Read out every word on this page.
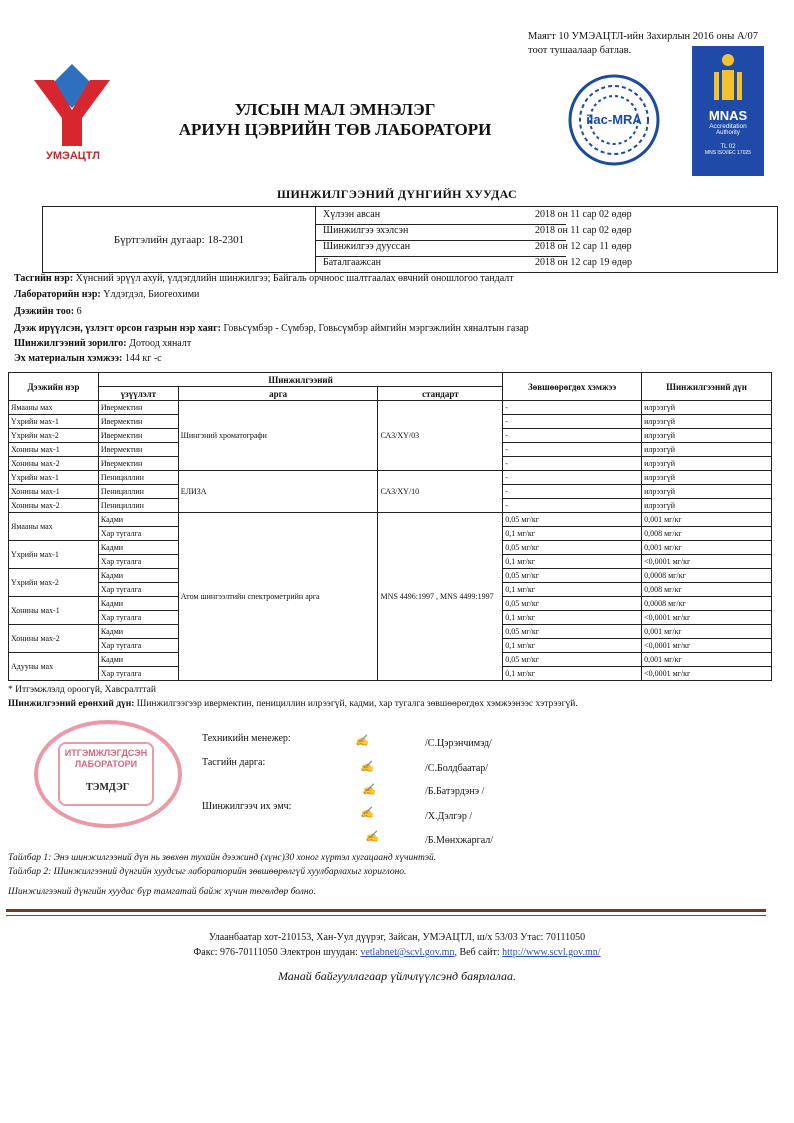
Маягт 10 УМЭАЦТЛ-ийн Захирлын 2016 оны А/07 тоот тушаалаар батлав.
УМЭАЦТЛ
УЛСЫН МАЛ ЭМНЭЛЭГ
АРИУН ЦЭВРИЙН ТӨВ ЛАБОРАТОРИ
ilac-MRA	MNAS
Accreditation
Authority
TL 02
MNS ISO/IEC 17025
ШИНЖИЛГЭЭНИЙ ДҮНГИЙН ХУУДАС
Бүртгэлийн дугаар: 18-2301
Хүлээн авсан	2018 он 11 сар 02 өдөр
Шинжилгээ эхэлсэн	2018 он 11 сар 02 өдөр
Шинжилгээ дууссан	2018 он 12 сар 11 өдөр
Баталгаажсан	2018 он 12 сар 19 өдөр
Тасгийн нэр: Хүнсний эрүүл ахуй, үлдэгдлийн шинжилгээ; Байгаль орчноос шалтгаалах өвчний оношлогоо тандалт
Лабораторийн нэр: Үлдэгдэл, Биогеохими
Дээжийн тоо: 6
Дээж ирүүлсэн, үзлэгт орсон газрын нэр хаяг: Говьсүмбэр - Сүмбэр, Говьсүмбэр аймгийн мэргэжлийн хяналтын газар
Шинжилгээний зорилго: Дотоод хяналт
Эх материалын хэмжээ: 144 кг -с
Дээжийн нэр	Шинжилгээний			Зөвшөөрөгдөх хэмжээ	Шинжилгээний дүн
	үзүүлэлт	арга	стандарт		
Ямааны мах	Ивермектин	Шингэний хроматографи	СА3/ХҮ/03	-	илрээгүй
Үхрийн мах-1	Ивермектин			-	илрээгүй
Үхрийн мах-2	Ивермектин			-	илрээгүй
Хонины мах-1	Ивермектин			-	илрээгүй
Хонины мах-2	Ивермектин			-	илрээгүй
Үхрийн мах-1	Пенициллин	ЕЛИЗА	СА3/ХҮ/10	-	илрээгүй
Хонины мах-1	Пенициллин			-	илрээгүй
Хонины мах-2	Пенициллин			-	илрээгүй
Ямааны мах	Кадми	Атом шингээлтийн спектрометрийн арга	MNS 4496:1997 , MNS 4499:1997	0,05 мг/кг	0,001 мг/кг
	Хар тугалга			0,1 мг/кг	0,008 мг/кг
Үхрийн мах-1	Кадми			0,05 мг/кг	0,001 мг/кг
	Хар тугалга			0,1 мг/кг	<0,0001 мг/кг
Үхрийн мах-2	Кадми			0,05 мг/кг	0,0008 мг/кг
	Хар тугалга			0,1 мг/кг	0,008 мг/кг
Хонины мах-1	Кадми			0,05 мг/кг	0,0008 мг/кг
	Хар тугалга			0,1 мг/кг	<0,0001 мг/кг
Хонины мах-2	Кадми			0,05 мг/кг	0,001 мг/кг
	Хар тугалга			0,1 мг/кг	<0,0001 мг/кг
Адууны мах	Кадми			0,05 мг/кг	0,001 мг/кг
	Хар тугалга			0,1 мг/кг	<0,0001 мг/кг
* Итгэмжлэлд ороогүй, Хавсралттай
Шинжилгээний ерөнхий дүн: Шинжилгээгээр ивермектин, пенициллин илрээгүй, кадми, хар тугалга зөвшөөрөгдөх хэмжээнээс хэтрээгүй.
ИТГЭМЖЛЭГДСЭН ЛАБОРАТОРИ
ТЭМДЭГ
Техникийн менежер:	✍	/С.Цэрэнчимэд/
Тасгийн дарга:	✍	/С.Болдбаатар/
✍	/Б.Батэрдэнэ /
Шинжилгээч их эмч:
✍	/Х.Дэлгэр /
✍	/Б.Мөнхжаргал/
Тайлбар 1: Энэ шинжилгээний дүн нь зөвхөн тухайн дээжинд (хүнс)30 хоног хүртэл хугацаанд хүчинтэй.
Тайлбар 2: Шинжилгээний дүнгийн хуудсыг лабораторийн зөвшөөрөлгүй хуулбарлахыг хориглоно.
Шинжилгээний дүнгийн хуудас бүр тамгатай байж хүчин төгөлдөр болно.
Улаанбаатар хот-210153, Хан-Уул дүүрэг, Зайсан, УМЭАЦТЛ, ш/х 53/03 Утас: 70111050
Факс: 976-70111050 Электрон шуудан: vetlabnet@scvl.gov.mn, Веб сайт: http://www.scvl.gov.mn/
Манай байгууллагаар үйлчлүүлсэнд баярлалаа.
